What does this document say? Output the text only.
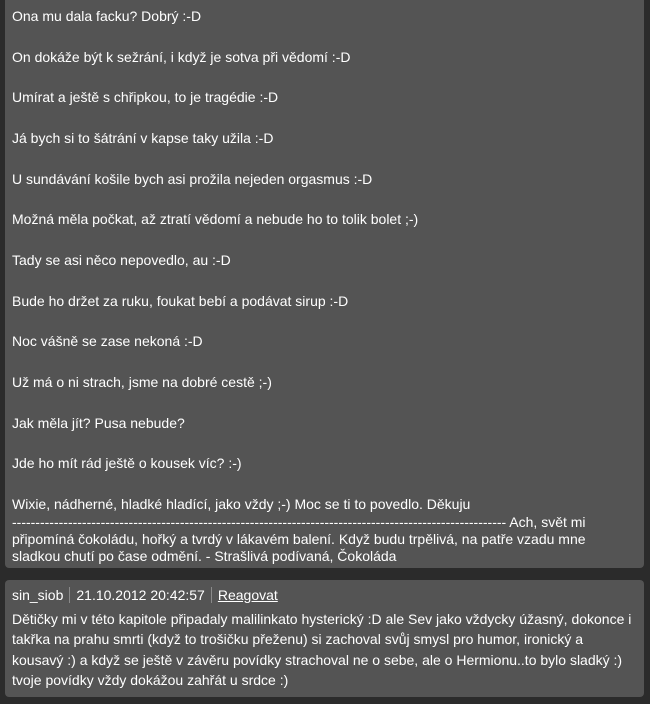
Ona mu dala facku? Dobrý :-D
On dokáže být k sežrání, i když je sotva při vědomí :-D
Umírat a ještě s chřipkou, to je tragédie :-D
Já bych si to šátrání v kapse taky užila :-D
U sundávání košile bych asi prožila nejeden orgasmus :-D
Možná měla počkat, až ztratí vědomí a nebude ho to tolik bolet ;-)
Tady se asi něco nepovedlo, au :-D
Bude ho držet za ruku, foukat bebí a podávat sirup :-D
Noc vášně se zase nekoná :-D
Už má o ni strach, jsme na dobré cestě ;-)
Jak měla jít? Pusa nebude?
Jde ho mít rád ještě o kousek víc? :-)
Wixie, nádherné, hladké hladící, jako vždy ;-) Moc se ti to povedlo. Děkuju
---------------------------------------------------------------------------------------------------------- Ach, svět mi
připomíná čokoládu, hořký a tvrdý v lákavém balení. Když budu trpělivá, na patře vzadu mne
sladkou chutí po čase odmění. - Strašlivá podívaná, Čokoláda
sin_siob 21.10.2012 20:42:57 Reagovat
Dětičky mi v této kapitole připadaly malilinkato hysterický :D ale Sev jako vždycky úžasný, dokonce i
takřka na prahu smrti (když to trošičku přeženu) si zachoval svůj smysl pro humor, ironický a
kousavý :) a když se ještě v závěru povídky strachoval ne o sebe, ale o Hermionu..to bylo sladký :)
tvoje povídky vždy dokážou zahřát u srdce :)
